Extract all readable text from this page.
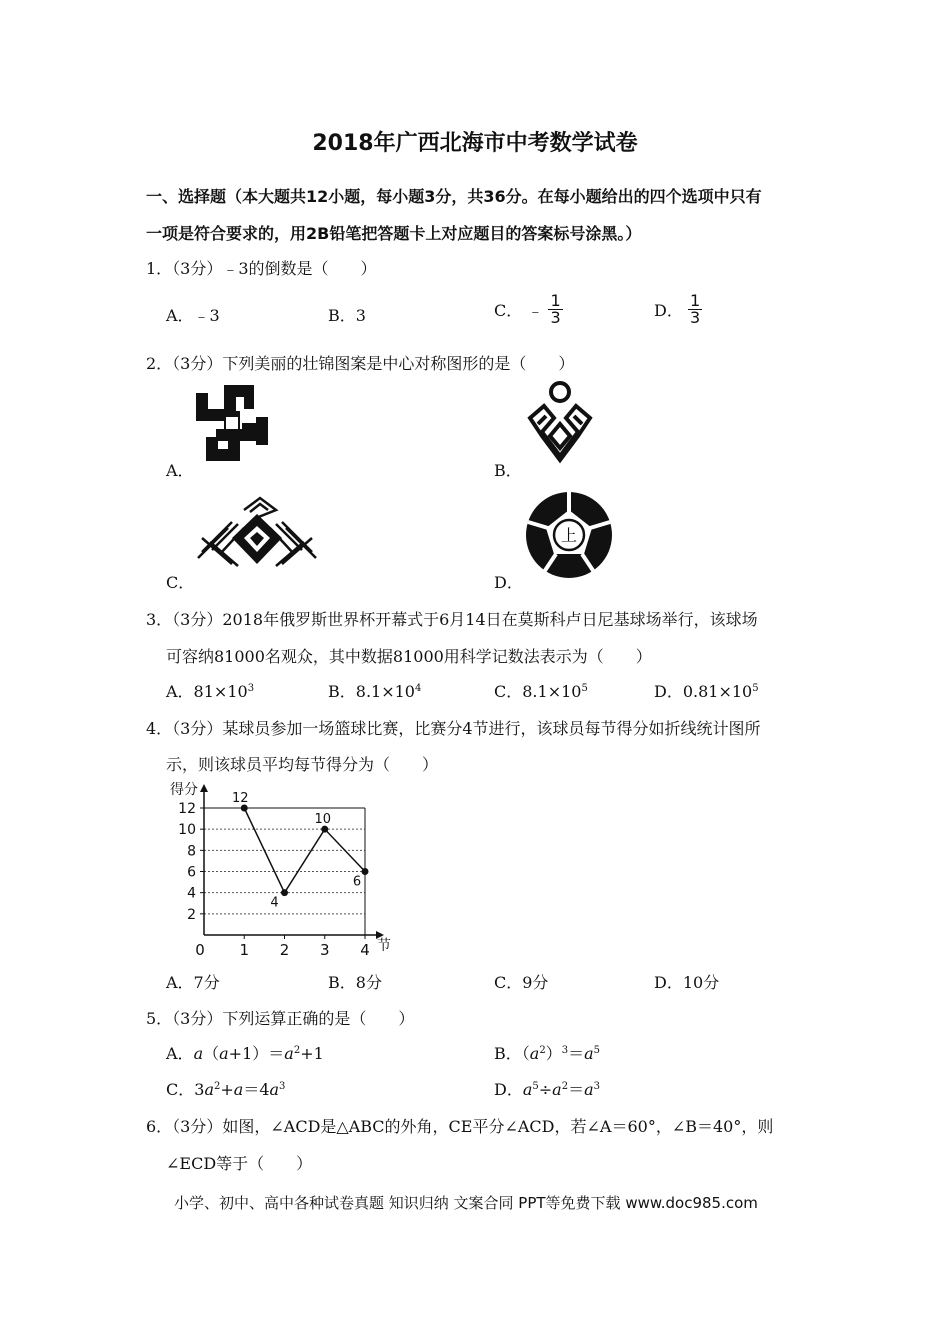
2018年广西北海市中考数学试卷
一、选择题（本大题共12小题，每小题3分，共36分。在每小题给出的四个选项中只有
一项是符合要求的，用2B铅笔把答题卡上对应题目的答案标号涂黑。）
1．（3分）﹣3的倒数是（　　）
A．﹣3	B．3	C． ﹣ $\frac{1}{3}$	D． $\frac{1}{3}$
2．（3分）下列美丽的壮锦图案是中心对称图形的是（　　）
A．	B．
C．
上
D．
3．（3分）2018年俄罗斯世界杯开幕式于6月14日在莫斯科卢日尼基球场举行，该球场
可容纳81000名观众，其中数据81000用科学记数法表示为（　　）
A．$81\times 10^3$	B．$8.1\times 10^4$	C．$8.1\times 10^5$	D．$0.81\times 10^5$
4．（3分）某球员参加一场篮球比赛，比赛分4节进行，该球员每节得分如折线统计图所
示，则该球员平均每节得分为（　　）
2
4
6
8
10
12
0 1 2 3 4
得分
节
12
4
10
6
A．7分	B．8分	C．9分	D．10分
5．（3分）下列运算正确的是（　　）
A．$a(a+1)=a^2+1$	B．$(a^2)^3=a^5$
C．$3a^2+a=4a^3$	D．$a^5\div a^2=a^3$
6．（3分）如图，∠ACD是△ABC的外角，CE平分∠ACD，若∠A＝60°，∠B＝40°，则
∠ECD等于（　　）
小学、初中、高中各种试卷真题 知识归纳 文案合同 PPT等免费下载 www.doc985.com
